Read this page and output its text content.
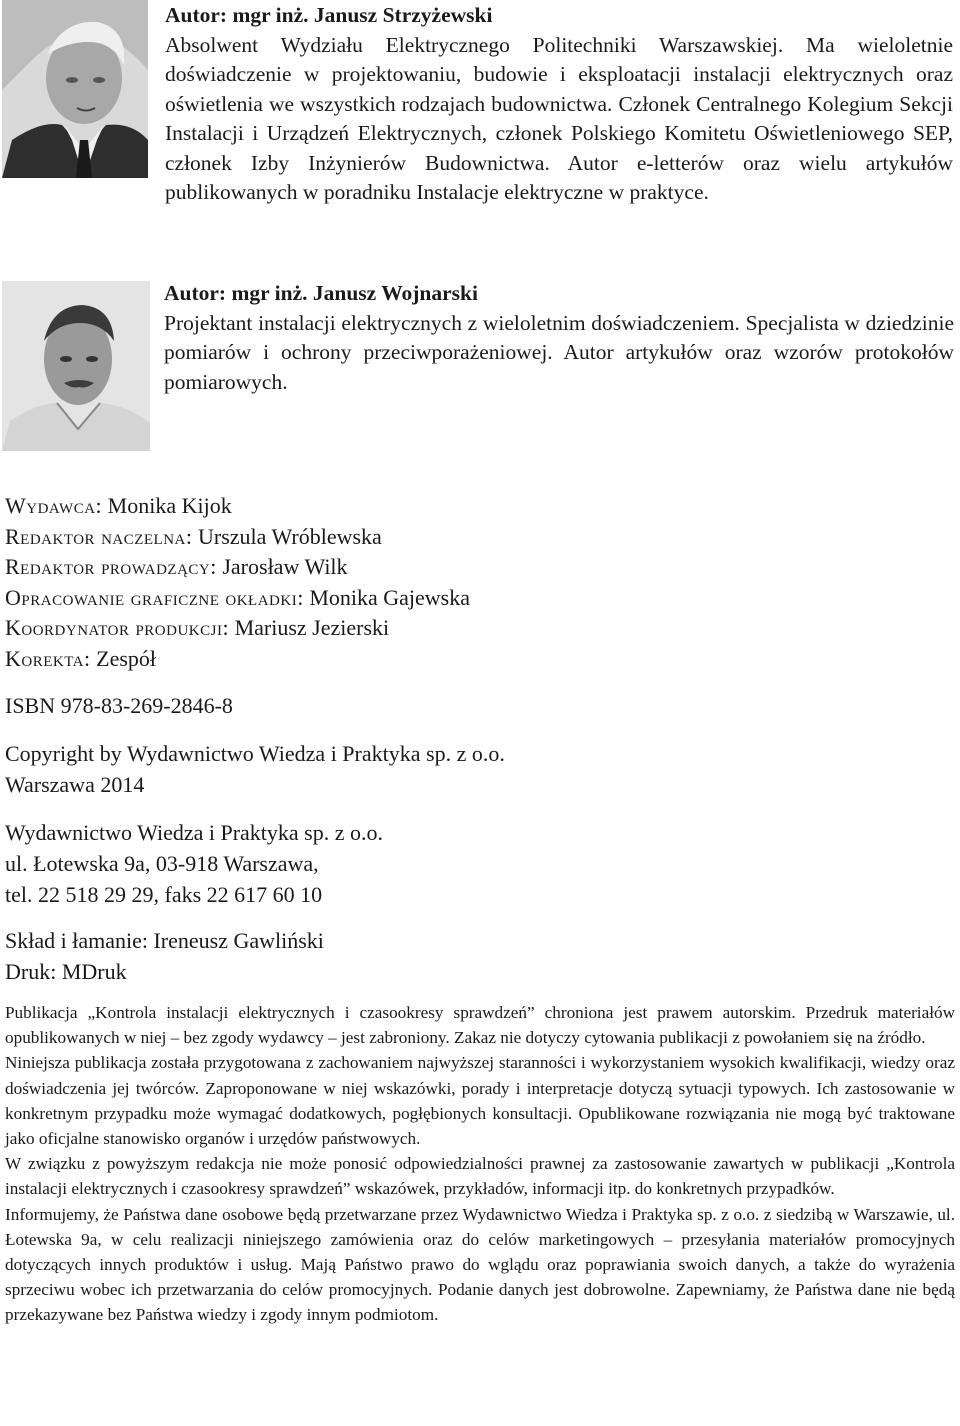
Autor: mgr inż. Janusz Strzyżewski
Absolwent Wydziału Elektrycznego Politechniki Warszawskiej. Ma wieloletnie doświadczenie w projektowaniu, budowie i eksploatacji instalacji elektrycznych oraz oświetlenia we wszystkich rodzajach budownictwa. Członek Centralnego Kolegium Sekcji Instalacji i Urządzeń Elektrycznych, członek Polskiego Komitetu Oświetleniowego SEP, członek Izby Inżynierów Budownictwa. Autor e-letterów oraz wielu artykułów publikowanych w poradniku Instalacje elektryczne w praktyce.
Autor: mgr inż. Janusz Wojnarski
Projektant instalacji elektrycznych z wieloletnim doświadczeniem. Specjalista w dziedzinie pomiarów i ochrony przeciwporażeniowej. Autor artykułów oraz wzorów protokołów pomiarowych.
Wydawca: Monika Kijok
Redaktor naczelna: Urszula Wróblewska
Redaktor prowadzący: Jarosław Wilk
Opracowanie graficzne okładki: Monika Gajewska
Koordynator produkcji: Mariusz Jezierski
Korekta: Zespół
ISBN 978-83-269-2846-8
Copyright by Wydawnictwo Wiedza i Praktyka sp. z o.o.
Warszawa 2014
Wydawnictwo Wiedza i Praktyka sp. z o.o.
ul. Łotewska 9a, 03-918 Warszawa,
tel. 22 518 29 29, faks 22 617 60 10
Skład i łamanie: Ireneusz Gawliński
Druk: MDruk

Publikacja „Kontrola instalacji elektrycznych i czasookresy sprawdzeń” chroniona jest prawem autorskim. Przedruk materiałów opublikowanych w niej – bez zgody wydawcy – jest zabroniony. Zakaz nie dotyczy cytowania publikacji z powołaniem się na źródło.

Niniejsza publikacja została przygotowana z zachowaniem najwyższej staranności i wykorzystaniem wysokich kwalifikacji, wiedzy oraz doświadczenia jej twórców. Zaproponowane w niej wskazówki, porady i interpretacje dotyczą sytuacji typowych. Ich zastosowanie w konkretnym przypadku może wymagać dodatkowych, pogłębionych konsultacji. Opublikowane rozwiązania nie mogą być traktowane jako oficjalne stanowisko organów i urzędów państwowych.

W związku z powyższym redakcja nie może ponosić odpowiedzialności prawnej za zastosowanie zawartych w publikacji „Kontrola instalacji elektrycznych i czasookresy sprawdzeń” wskazówek, przykładów, informacji itp. do konkretnych przypadków.

Informujemy, że Państwa dane osobowe będą przetwarzane przez Wydawnictwo Wiedza i Praktyka sp. z o.o. z siedzibą w Warszawie, ul. Łotewska 9a, w celu realizacji niniejszego zamówienia oraz do celów marketingowych – przesyłania materiałów promocyjnych dotyczących innych produktów i usług. Mają Państwo prawo do wglądu oraz poprawiania swoich danych, a także do wyrażenia sprzeciwu wobec ich przetwarzania do celów promocyjnych. Podanie danych jest dobrowolne. Zapewniamy, że Państwa dane nie będą przekazywane bez Państwa wiedzy i zgody innym podmiotom.
